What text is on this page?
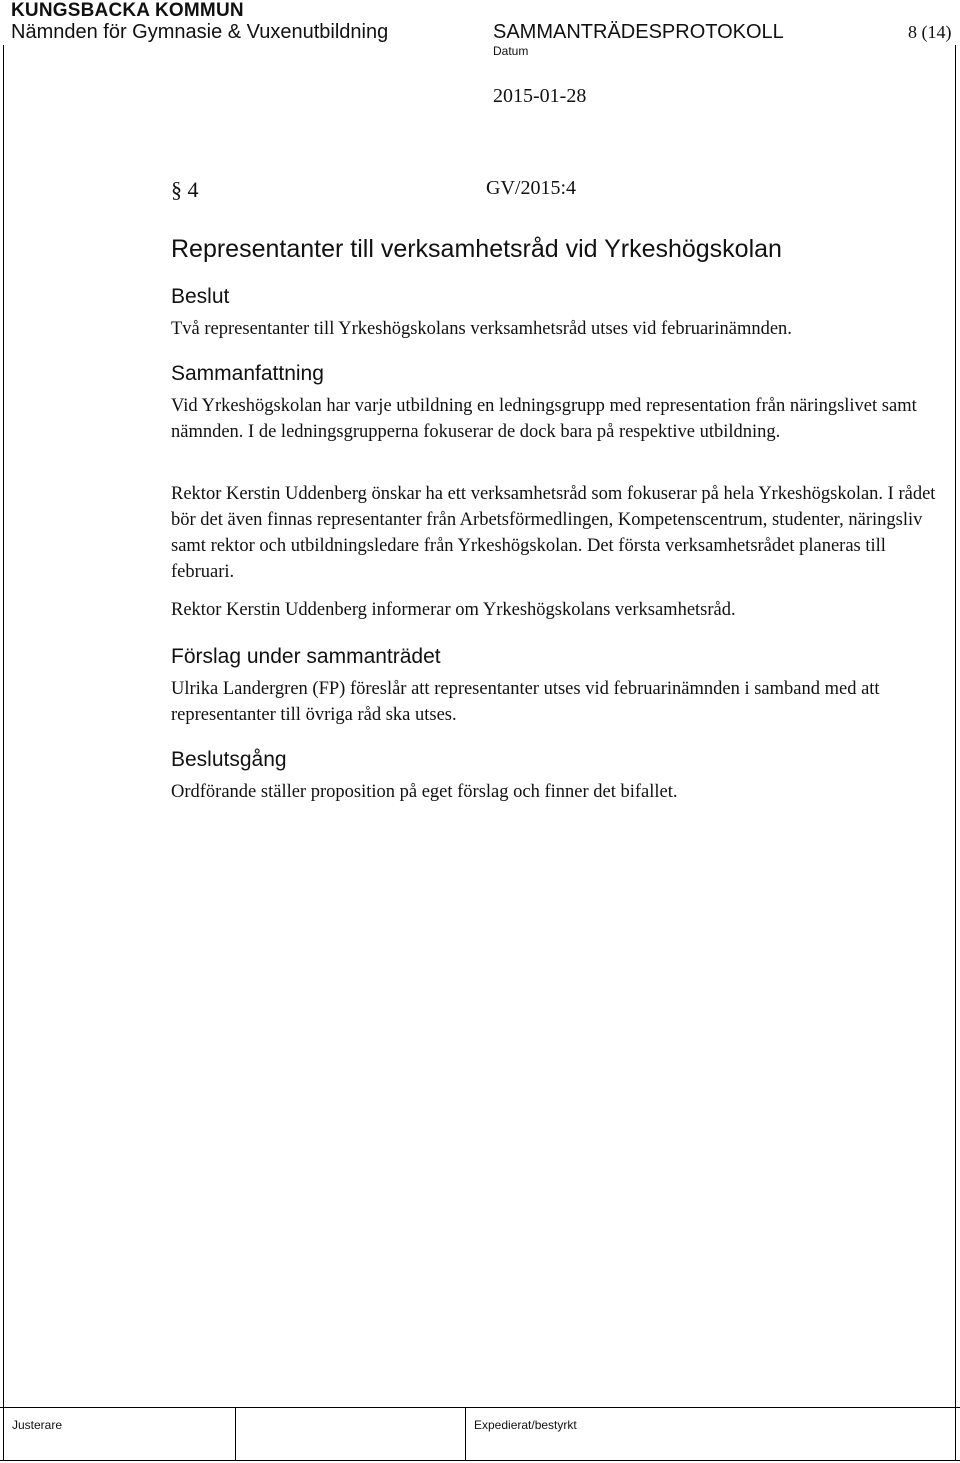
KUNGSBACKA KOMMUN
Nämnden för Gymnasie & Vuxenutbildning	SAMMANTRÄDESPROTOKOLL	8 (14)
Datum
2015-01-28
§ 4	GV/2015:4
Representanter till verksamhetsråd vid Yrkeshögskolan
Beslut
Två representanter till Yrkeshögskolans verksamhetsråd utses vid februarinämnden.
Sammanfattning
Vid Yrkeshögskolan har varje utbildning en ledningsgrupp med representation från näringslivet samt nämnden. I de ledningsgrupperna fokuserar de dock bara på respektive utbildning.
Rektor Kerstin Uddenberg önskar ha ett verksamhetsråd som fokuserar på hela Yrkeshögskolan. I rådet bör det även finnas representanter från Arbetsförmedlingen, Kompetenscentrum, studenter, näringsliv samt rektor och utbildningsledare från Yrkeshögskolan. Det första verksamhetsrådet planeras till februari.
Rektor Kerstin Uddenberg informerar om Yrkeshögskolans verksamhetsråd.
Förslag under sammanträdet
Ulrika Landergren (FP) föreslår att representanter utses vid februarinämnden i samband med att representanter till övriga råd ska utses.
Beslutsgång
Ordförande ställer proposition på eget förslag och finner det bifallet.
Justerare	Expedierat/bestyrkt
